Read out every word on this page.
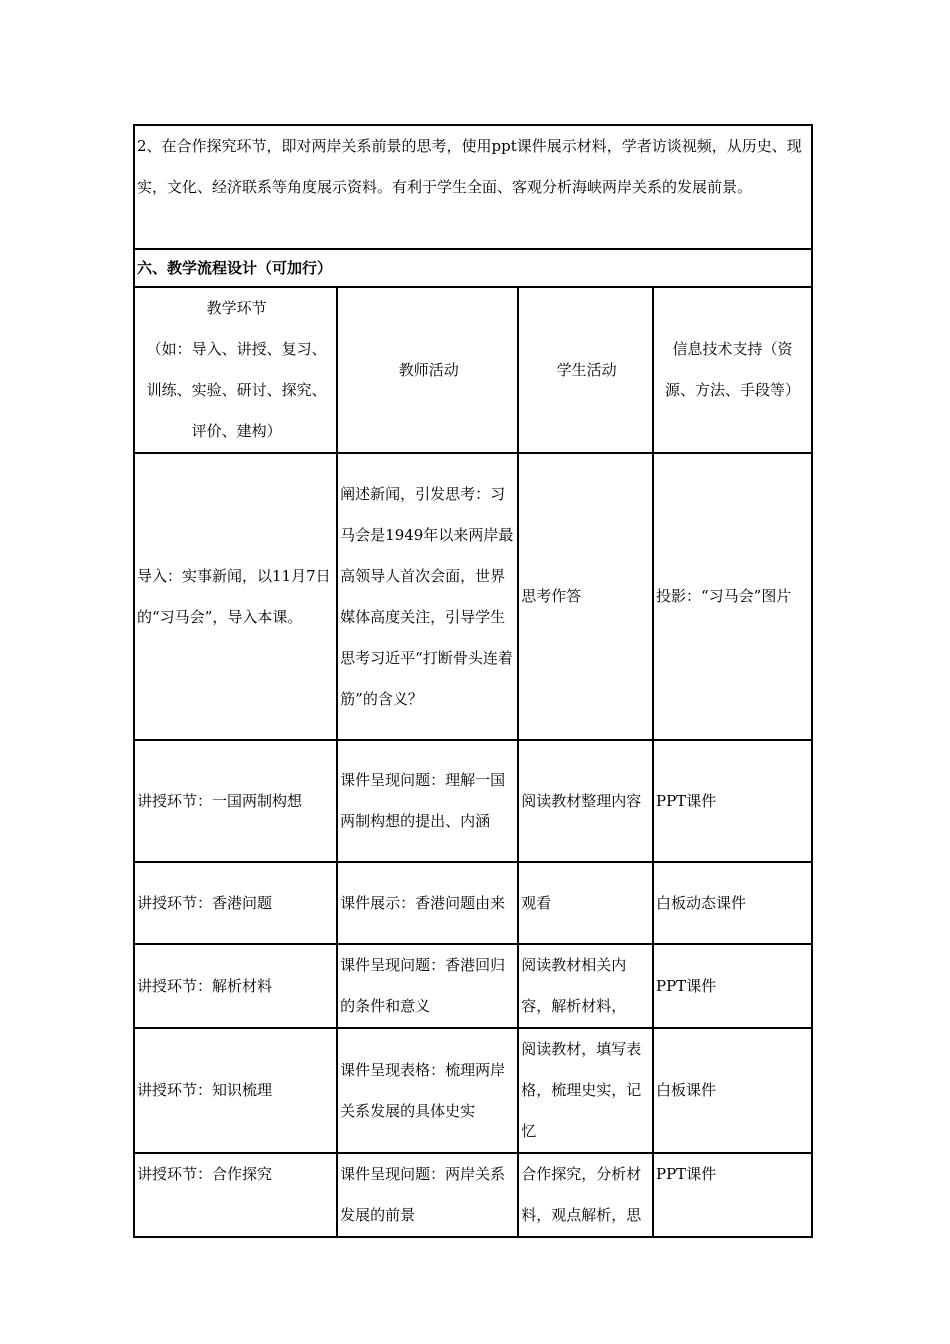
2、在合作探究环节，即对两岸关系前景的思考，使用ppt课件展示材料，学者访谈视频，从历史、现实，文化、经济联系等角度展示资料。有利于学生全面、客观分析海峡两岸关系的发展前景。			
六、教学流程设计（可加行）			

教学环节
（如：导入、讲授、复习、
训练、实验、研讨、探究、
评价、建构）	教师活动	学生活动	信息技术支持（资源、方法、手段等）
导入：实事新闻，以11月7日的“习马会”，导入本课。	阐述新闻，引发思考：习马会是1949年以来两岸最高领导人首次会面，世界媒体高度关注，引导学生思考习近平“打断骨头连着筋”的含义？	思考作答	投影：“习马会”图片
讲授环节：一国两制构想	课件呈现问题：理解一国两制构想的提出、内涵	阅读教材整理内容	PPT课件
讲授环节：香港问题	课件展示：香港问题由来	观看	白板动态课件
讲授环节：解析材料	课件呈现问题：香港回归的条件和意义	阅读教材相关内容，解析材料，	PPT课件
讲授环节：知识梳理	课件呈现表格：梳理两岸关系发展的具体史实	阅读教材，填写表格，梳理史实，记忆	白板课件
讲授环节：合作探究	课件呈现问题：两岸关系发展的前景	合作探究，分析材料，观点解析，思	PPT课件
